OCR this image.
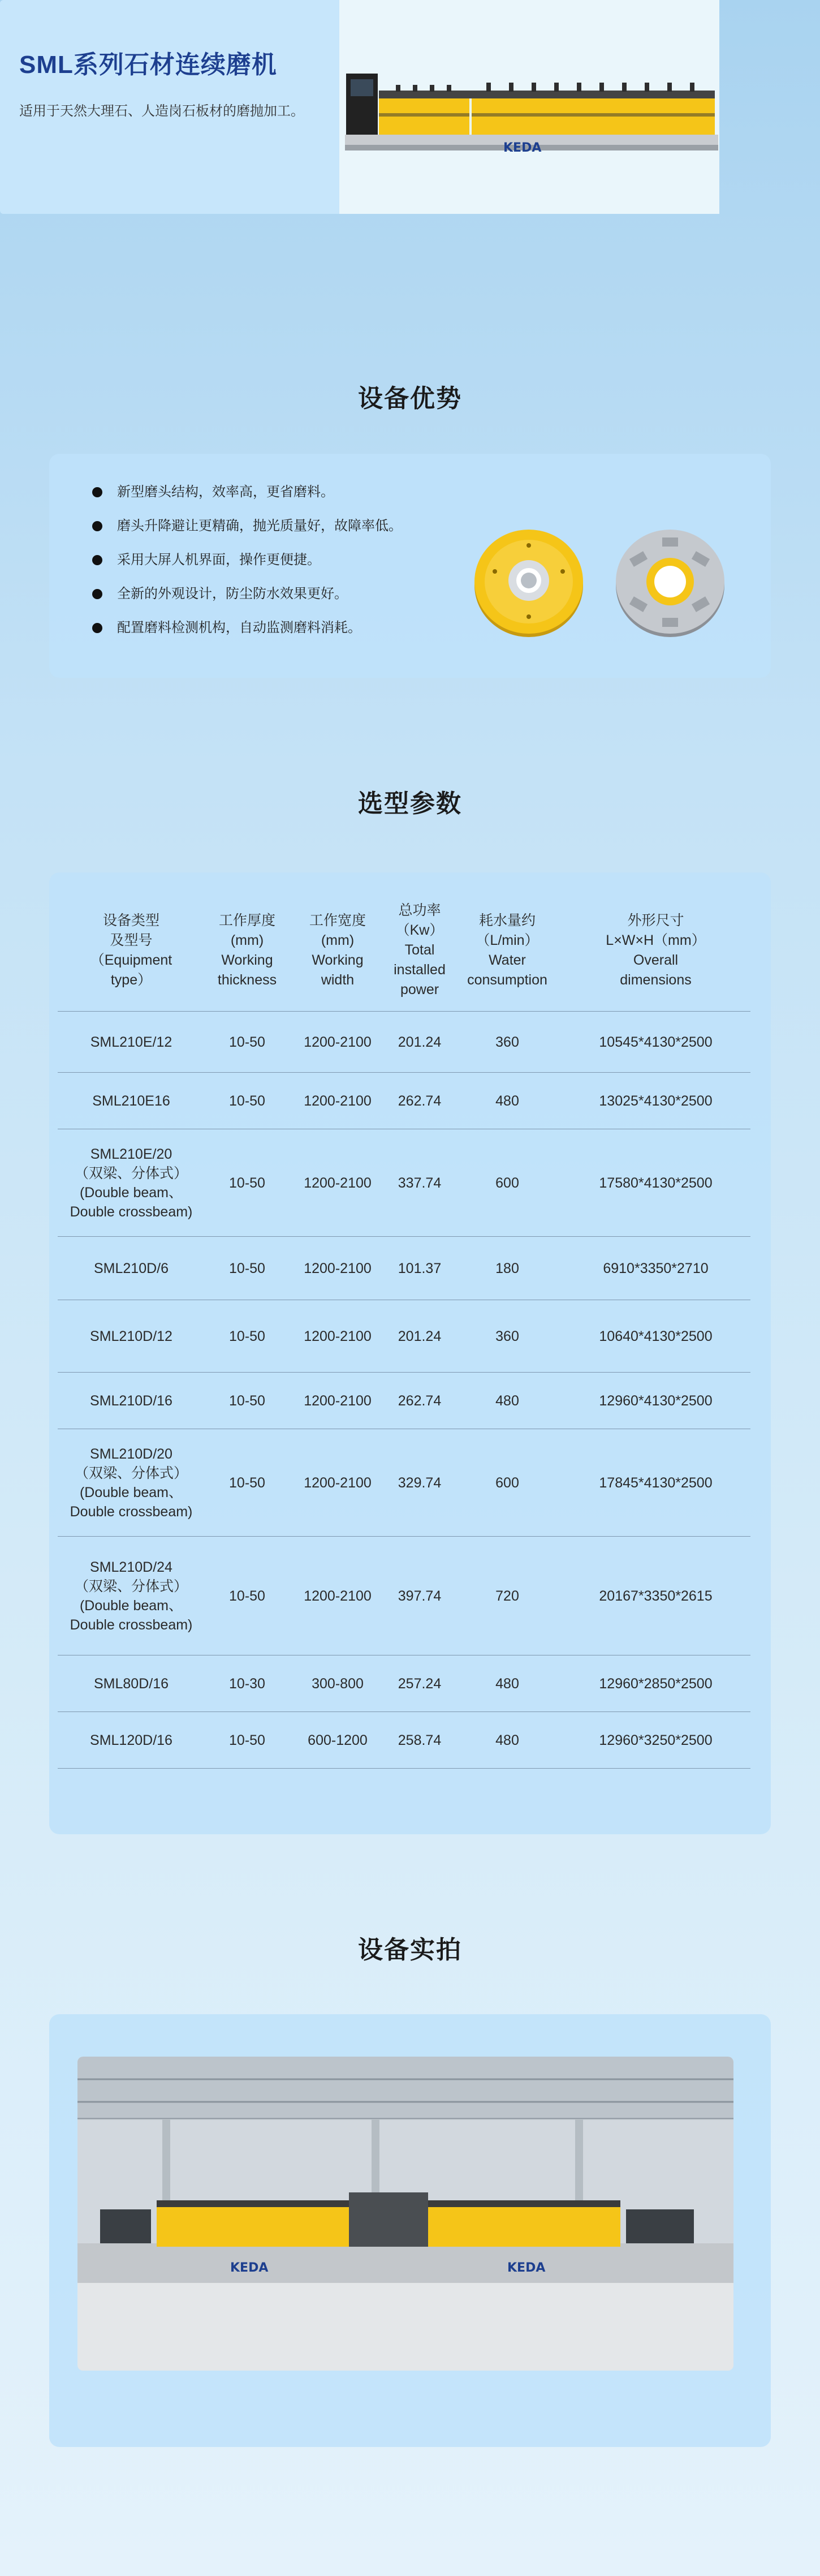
SML系列石材连续磨机

适用于天然大理石、人造岗石板材的磨抛加工。

KEDA
设备优势
新型磨头结构，效率高，更省磨料。
磨头升降避让更精确，抛光质量好，故障率低。
采用大屏人机界面，操作更便捷。
全新的外观设计，防尘防水效果更好。
配置磨料检测机构，自动监测磨料消耗。
选型参数
设备类型
及型号
（Equipment
type）	工作厚度
(mm)
Working
thickness	工作宽度
(mm)
Working
width	总功率
（Kw）
Total
installed
power	耗水量约
（L/min）
Water
consumption	外形尺寸
L×W×H（mm）
Overall
dimensions
SML210E/12	10-50	1200-2100	201.24	360	10545*4130*2500
SML210E16	10-50	1200-2100	262.74	480	13025*4130*2500
SML210E/20
（双梁、分体式）
(Double beam、
Double crossbeam)	10-50	1200-2100	337.74	600	17580*4130*2500
SML210D/6	10-50	1200-2100	101.37	180	6910*3350*2710
SML210D/12	10-50	1200-2100	201.24	360	10640*4130*2500
SML210D/16	10-50	1200-2100	262.74	480	12960*4130*2500
SML210D/20
（双梁、分体式）
(Double beam、
Double crossbeam)	10-50	1200-2100	329.74	600	17845*4130*2500
SML210D/24
（双梁、分体式）
(Double beam、
Double crossbeam)	10-50	1200-2100	397.74	720	20167*3350*2615
SML80D/16	10-30	300-800	257.24	480	12960*2850*2500
SML120D/16	10-50	600-1200	258.74	480	12960*3250*2500
设备实拍
KEDA	KEDA
